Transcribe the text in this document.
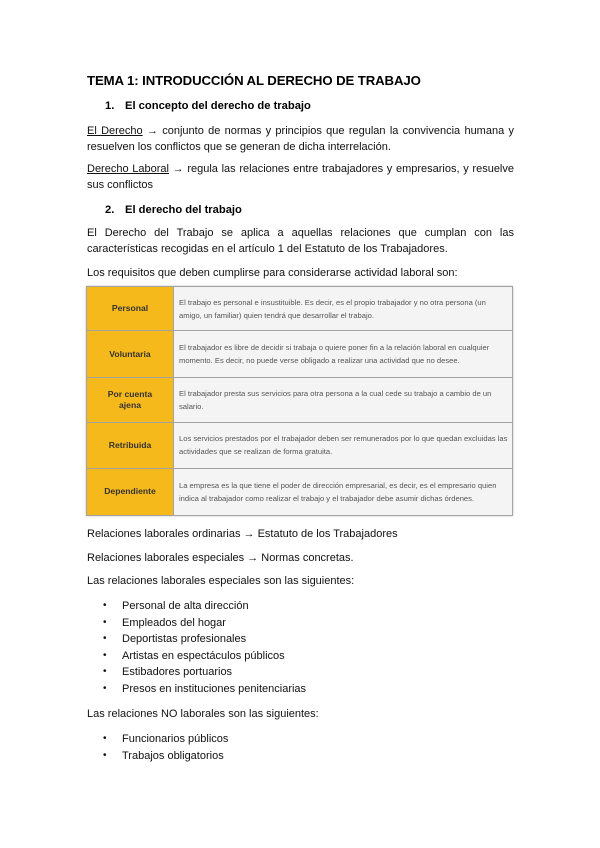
TEMA 1: INTRODUCCIÓN AL DERECHO DE TRABAJO
1. El concepto del derecho de trabajo
El Derecho → conjunto de normas y principios que regulan la convivencia humana y resuelven los conflictos que se generan de dicha interrelación.
Derecho Laboral → regula las relaciones entre trabajadores y empresarios, y resuelve sus conflictos
2. El derecho del trabajo
El Derecho del Trabajo se aplica a aquellas relaciones que cumplan con las características recogidas en el artículo 1 del Estatuto de los Trabajadores.
Los requisitos que deben cumplirse para considerarse actividad laboral son:
Personal	El trabajo es personal e insustituible. Es decir, es el propio trabajador y no otra persona (un amigo, un familiar) quien tendrá que desarrollar el trabajo.
Voluntaria	El trabajador es libre de decidir si trabaja o quiere poner fin a la relación laboral en cualquier momento. Es decir, no puede verse obligado a realizar una actividad que no desee.
Por cuenta ajena	El trabajador presta sus servicios para otra persona a la cual cede su trabajo a cambio de un salario.
Retribuida	Los servicios prestados por el trabajador deben ser remunerados por lo que quedan excluidas las actividades que se realizan de forma gratuita.
Dependiente	La empresa es la que tiene el poder de dirección empresarial, es decir, es el empresario quien indica al trabajador como realizar el trabajo y el trabajador debe asumir dichas órdenes.
Relaciones laborales ordinarias → Estatuto de los Trabajadores
Relaciones laborales especiales → Normas concretas.
Las relaciones laborales especiales son las siguientes:
• Personal de alta dirección
• Empleados del hogar
• Deportistas profesionales
• Artistas en espectáculos públicos
• Estibadores portuarios
• Presos en instituciones penitenciarias
Las relaciones NO laborales son las siguientes:
• Funcionarios públicos
• Trabajos obligatorios
